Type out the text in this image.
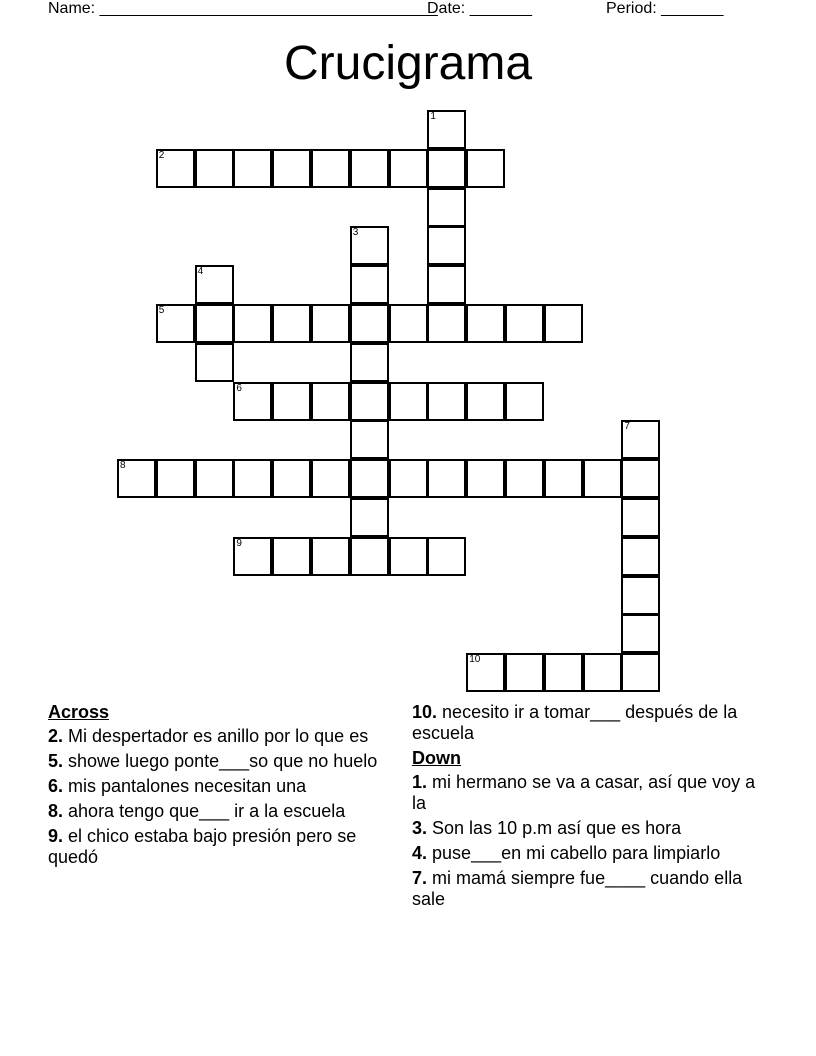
Name: ______________________________________
Date: _______	Period: _______
Crucigrama
1
2
3
4
5
6
7
8
9
10
Across
2. Mi despertador es anillo por lo que es
5. showe luego ponte___so que no huelo
6. mis pantalones necesitan una
8. ahora tengo que___ ir a la escuela
9. el chico estaba bajo presión pero se quedó
10. necesito ir a tomar___ después de la escuela
Down
1. mi hermano se va a casar, así que voy a la
3. Son las 10 p.m así que es hora
4. puse___en mi cabello para limpiarlo
7. mi mamá siempre fue____ cuando ella sale
